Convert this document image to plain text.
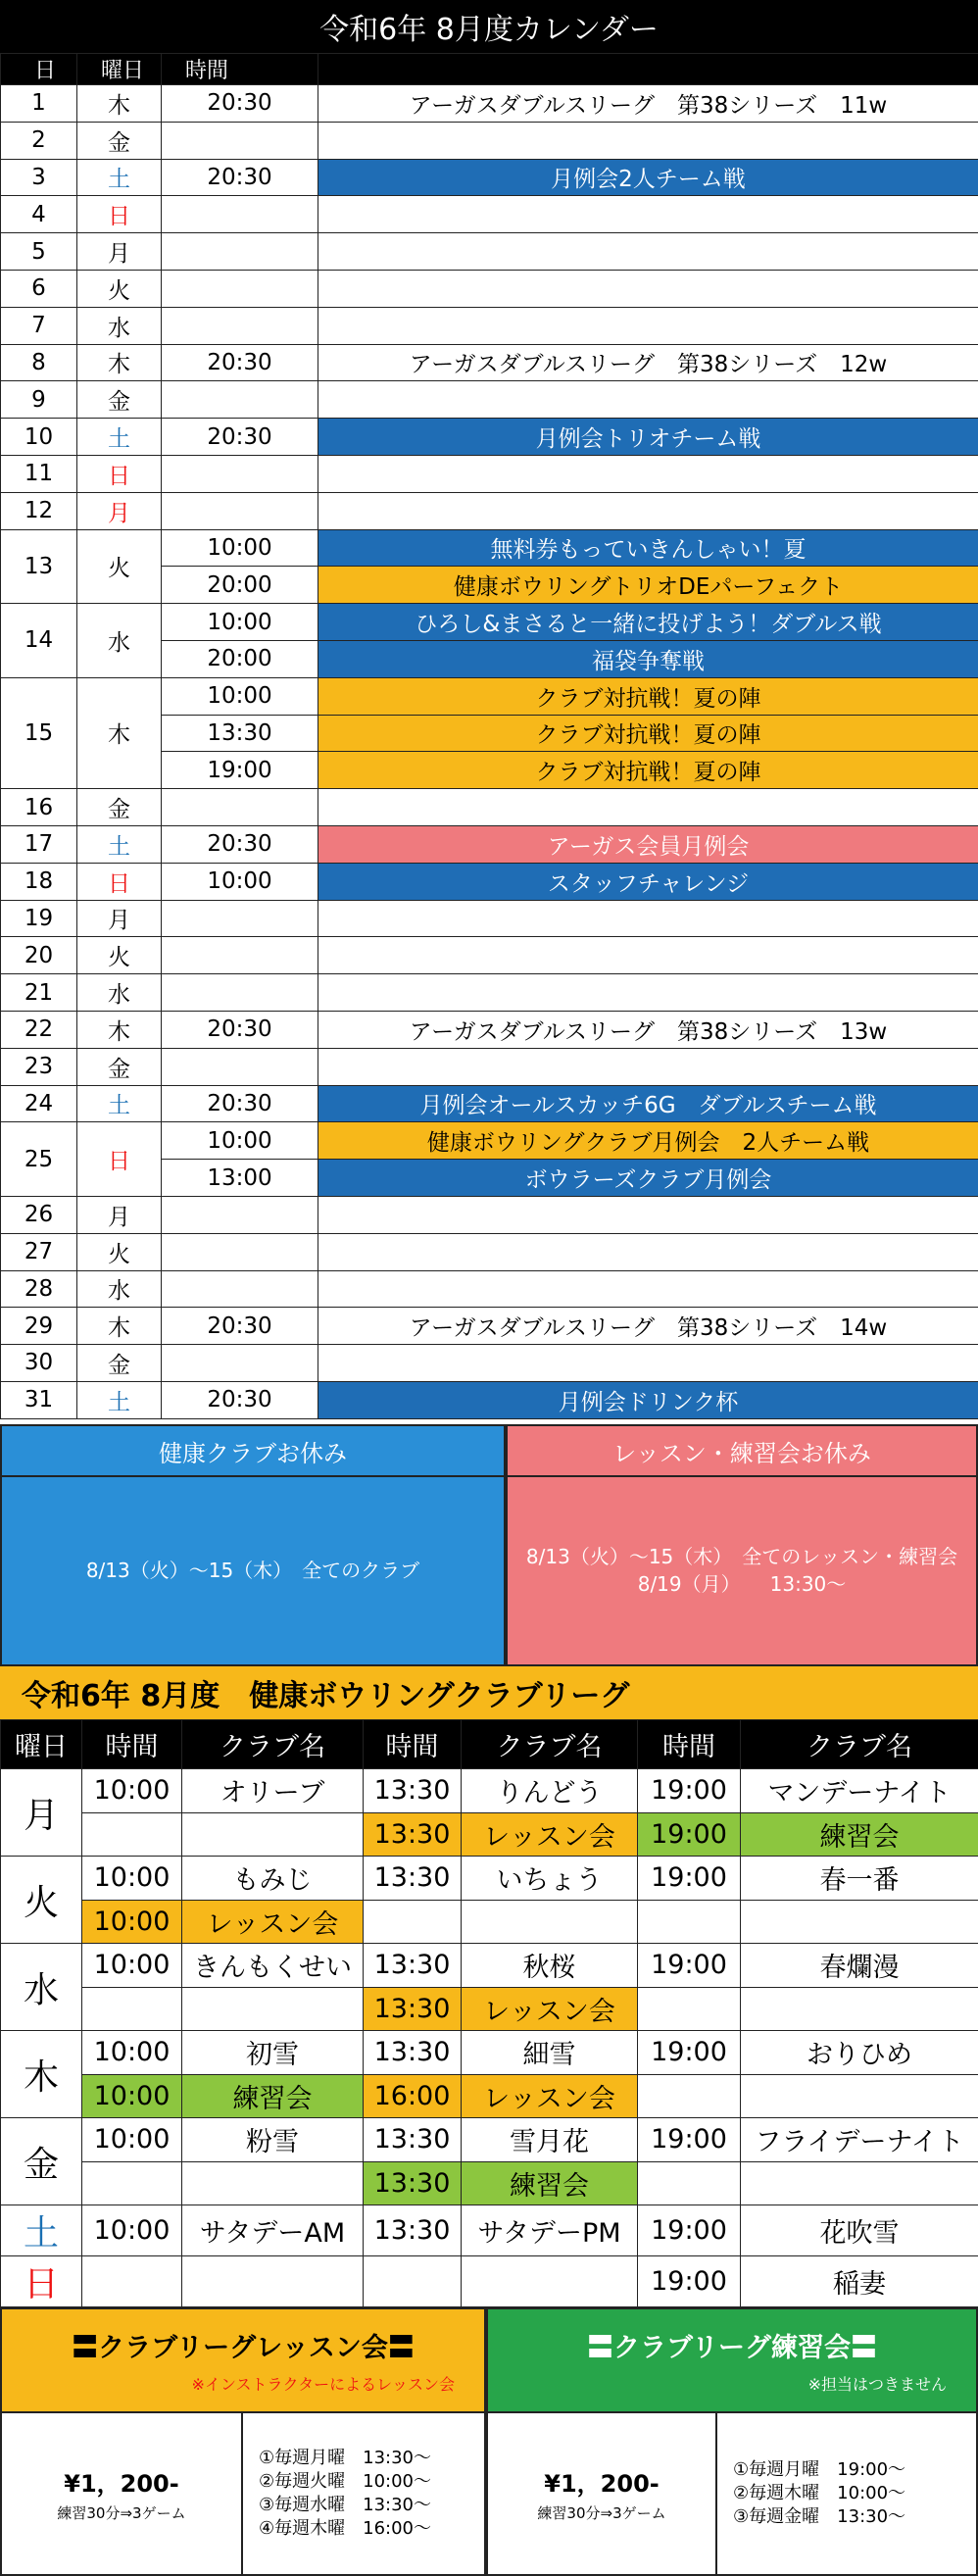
令和6年 8月度カレンダー
日	曜日	時間	
1	木	20:30	アーガスダブルスリーグ　第38シリーズ　11w
2	金		
3	土	20:30	月例会2人チーム戦
4	日		
5	月		
6	火		
7	水		
8	木	20:30	アーガスダブルスリーグ　第38シリーズ　12w
9	金		
10	土	20:30	月例会トリオチーム戦
11	日		
12	月		
13	火	10:00	無料券もっていきんしゃい！夏
		20:00	健康ボウリングトリオDEパーフェクト
14	水	10:00	ひろし&まさると一緒に投げよう！ダブルス戦
		20:00	福袋争奪戦
15	木	10:00	クラブ対抗戦！夏の陣
		13:30	クラブ対抗戦！夏の陣
		19:00	クラブ対抗戦！夏の陣
16	金		
17	土	20:30	アーガス会員月例会
18	日	10:00	スタッフチャレンジ
19	月		
20	火		
21	水		
22	木	20:30	アーガスダブルスリーグ　第38シリーズ　13w
23	金		
24	土	20:30	月例会オールスカッチ6G　ダブルスチーム戦
25	日	10:00	健康ボウリングクラブ月例会　2人チーム戦
		13:00	ボウラーズクラブ月例会
26	月		
27	火		
28	水		
29	木	20:30	アーガスダブルスリーグ　第38シリーズ　14w
30	金		
31	土	20:30	月例会ドリンク杯
健康クラブお休み
8/13（火）～15（木）　全てのクラブ
レッスン・練習会お休み
8/13（火）～15（木）　全てのレッスン・練習会
8/19（月）　　13:30～
令和6年 8月度　健康ボウリングクラブリーグ
曜日	時間	クラブ名	時間	クラブ名	時間	クラブ名
月	10:00	オリーブ	13:30	りんどう	19:00	マンデーナイト
			13:30	レッスン会	19:00	練習会
火	10:00	もみじ	13:30	いちょう	19:00	春一番
	10:00	レッスン会				
水	10:00	きんもくせい	13:30	秋桜	19:00	春爛漫
			13:30	レッスン会		
木	10:00	初雪	13:30	細雪	19:00	おりひめ
	10:00	練習会	16:00	レッスン会		
金	10:00	粉雪	13:30	雪月花	19:00	フライデーナイト
			13:30	練習会		
土	10:00	サタデーAM	13:30	サタデーPM	19:00	花吹雪
日					19:00	稲妻
〓クラブリーグレッスン会〓
※インストラクターによるレッスン会
¥1，200-
練習30分⇒3ゲーム
①毎週月曜　13:30～
②毎週火曜　10:00～
③毎週水曜　13:30～
④毎週木曜　16:00～
〓クラブリーグ練習会〓
※担当はつきません
¥1，200-
練習30分⇒3ゲーム
①毎週月曜　19:00～
②毎週木曜　10:00～
③毎週金曜　13:30～
